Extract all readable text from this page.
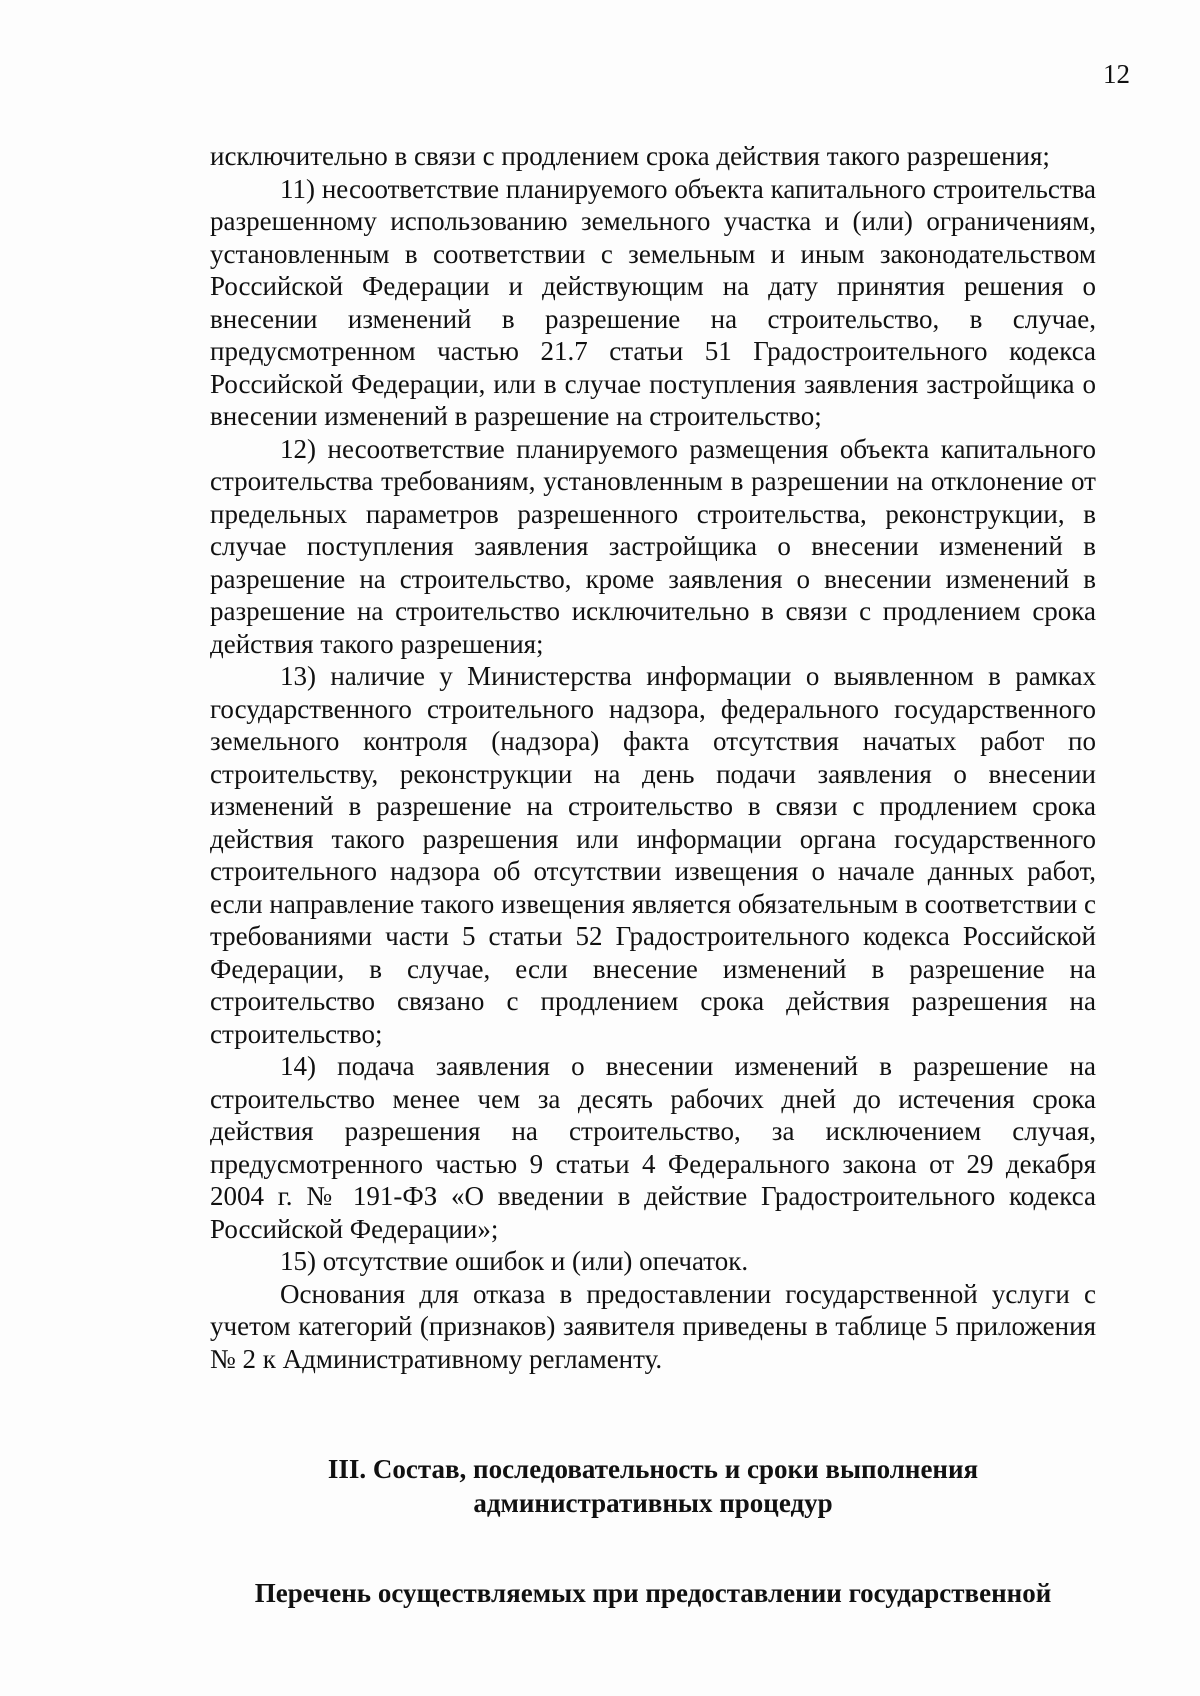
12

исключительно в связи с продлением срока действия такого разрешения;

11) несоответствие планируемого объекта капитального строительства разрешенному использованию земельного участка и (или) ограничениям, установленным в соответствии с земельным и иным законодательством Российской Федерации и действующим на дату принятия решения о внесении изменений в разрешение на строительство, в случае, предусмотренном частью 21.7 статьи 51 Градостроительного кодекса Российской Федерации, или в случае поступления заявления застройщика о внесении изменений в разрешение на строительство;

12) несоответствие планируемого размещения объекта капитального строительства требованиям, установленным в разрешении на отклонение от предельных параметров разрешенного строительства, реконструкции, в случае поступления заявления застройщика о внесении изменений в разрешение на строительство, кроме заявления о внесении изменений в разрешение на строительство исключительно в связи с продлением срока действия такого разрешения;

13) наличие у Министерства информации о выявленном в рамках государственного строительного надзора, федерального государственного земельного контроля (надзора) факта отсутствия начатых работ по строительству, реконструкции на день подачи заявления о внесении изменений в разрешение на строительство в связи с продлением срока действия такого разрешения или информации органа государственного строительного надзора об отсутствии извещения о начале данных работ, если направление такого извещения является обязательным в соответствии с требованиями части 5 статьи 52 Градостроительного кодекса Российской Федерации, в случае, если внесение изменений в разрешение на строительство связано с продлением срока действия разрешения на строительство;

14) подача заявления о внесении изменений в разрешение на строительство менее чем за десять рабочих дней до истечения срока действия разрешения на строительство, за исключением случая, предусмотренного частью 9 статьи 4 Федерального закона от 29 декабря 2004 г. № 191-ФЗ «О введении в действие Градостроительного кодекса Российской Федерации»;

15) отсутствие ошибок и (или) опечаток.

Основания для отказа в предоставлении государственной услуги с учетом категорий (признаков) заявителя приведены в таблице 5 приложения № 2 к Административному регламенту.

III. Состав, последовательность и сроки выполнения
административных процедур
Перечень осуществляемых при предоставлении государственной
